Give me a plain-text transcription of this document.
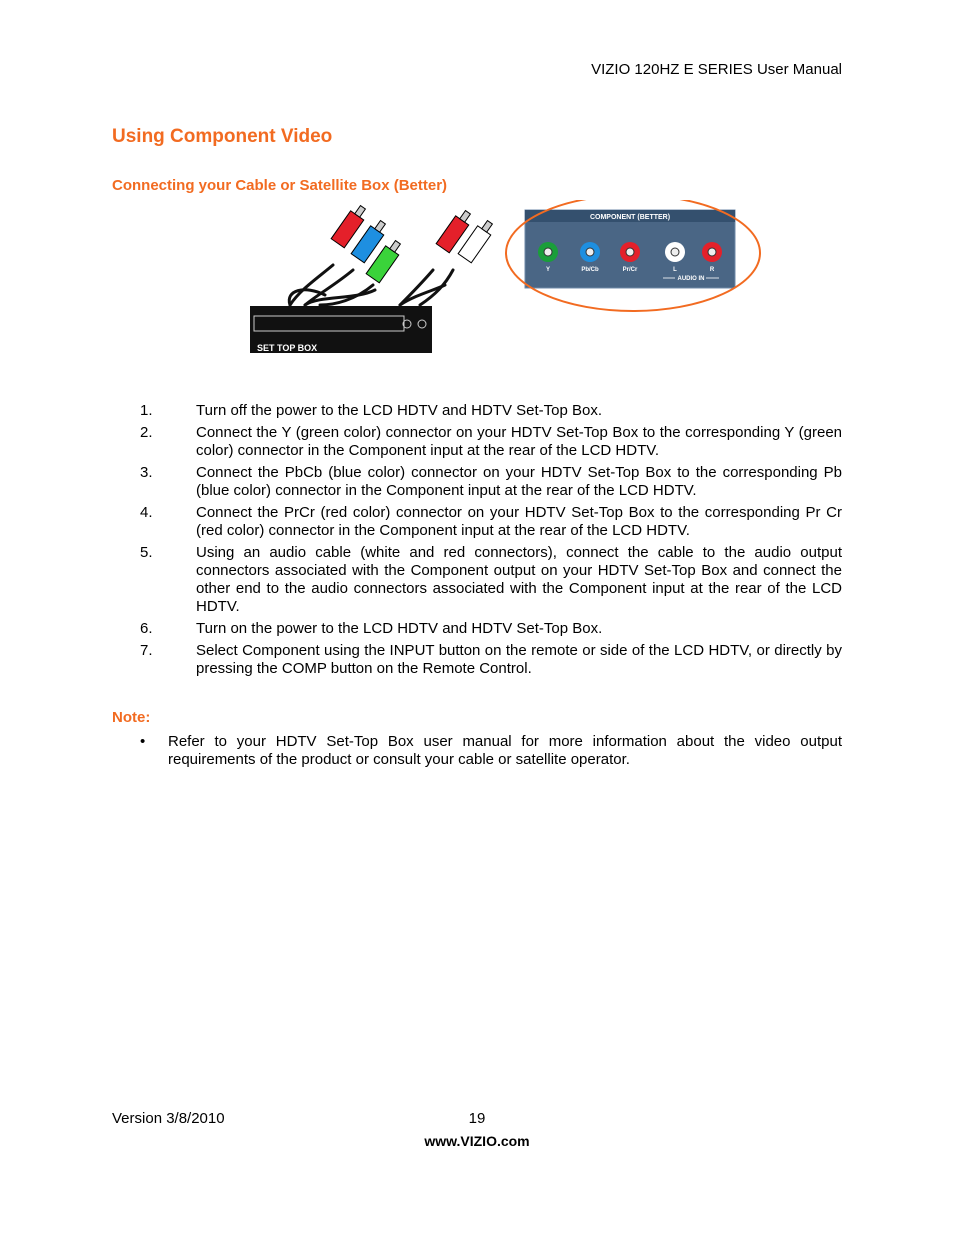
VIZIO 120HZ E SERIES User Manual
Using Component Video
Connecting your Cable or Satellite Box (Better)
SET TOP BOX
COMPONENT (BETTER)
Y	Pb/Cb	Pr/Cr	L	R
AUDIO IN
1.	Turn off the power to the LCD HDTV and HDTV Set-Top Box.
2.	Connect the Y (green color) connector on your HDTV Set-Top Box to the corresponding Y (green color) connector in the Component input at the rear of the LCD HDTV.
3.	Connect the PbCb (blue color) connector on your HDTV Set-Top Box to the corresponding Pb (blue color) connector in the Component input at the rear of the LCD HDTV.
4.	Connect the PrCr (red color) connector on your HDTV Set-Top Box to the corresponding Pr Cr (red color) connector in the Component input at the rear of the LCD HDTV.
5.	Using an audio cable (white and red connectors), connect the cable to the audio output connectors associated with the Component output on your HDTV Set-Top Box and connect the other end to the audio connectors associated with the Component input at the rear of the LCD HDTV.
6.	Turn on the power to the LCD HDTV and HDTV Set-Top Box.
7.	Select Component using the INPUT button on the remote or side of the LCD HDTV, or directly by pressing the COMP button on the Remote Control.
Note:
•	Refer to your HDTV Set-Top Box user manual for more information about the video output requirements of the product or consult your cable or satellite operator.
Version 3/8/2010	19
www.VIZIO.com
